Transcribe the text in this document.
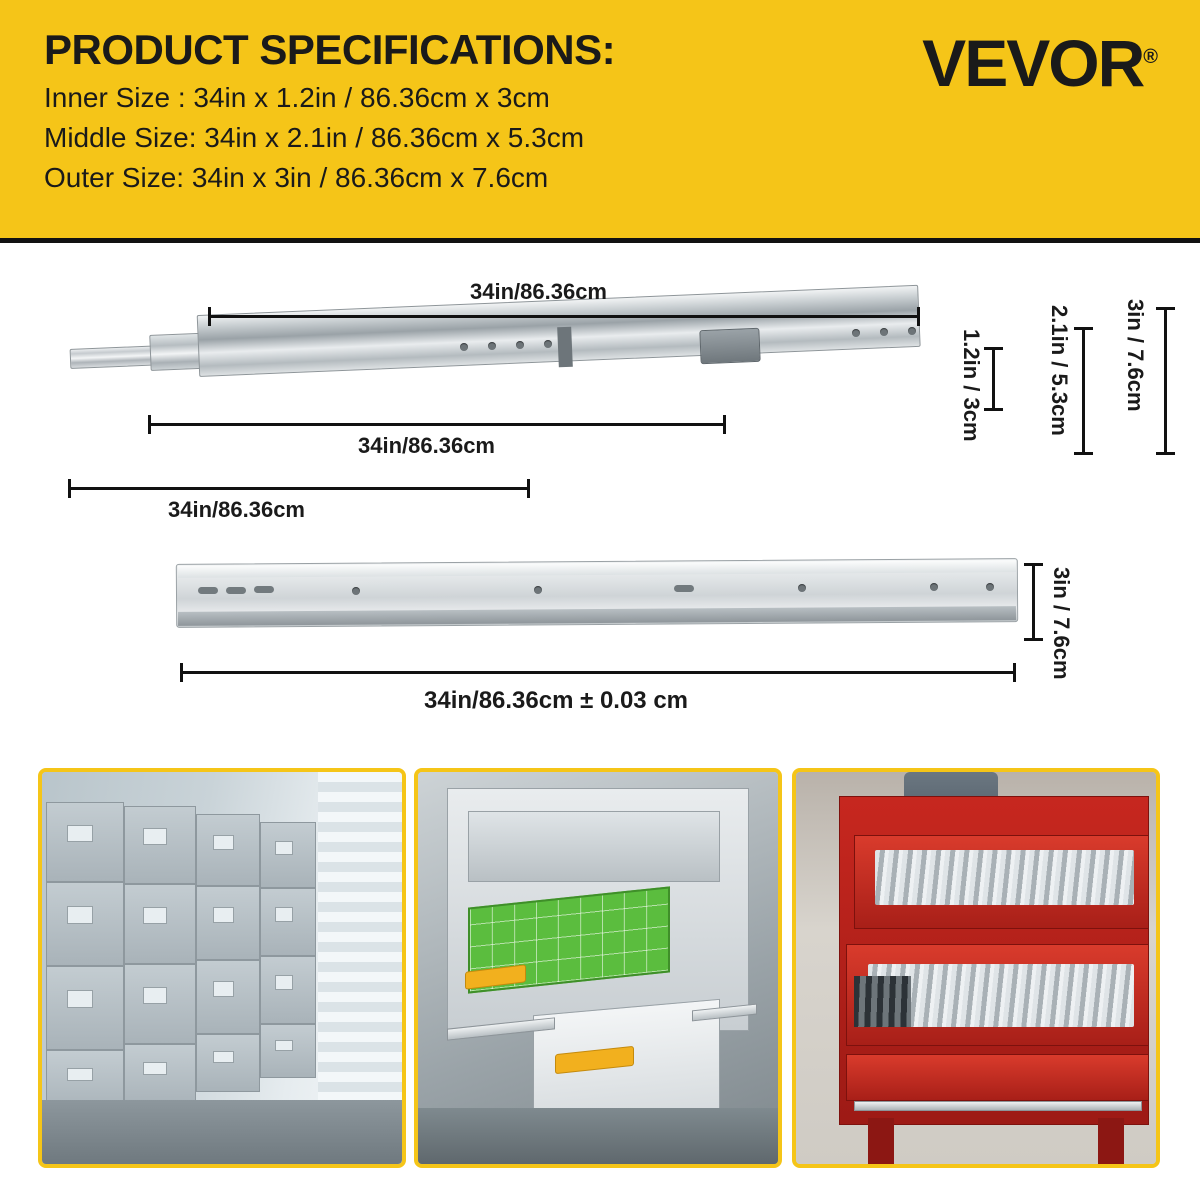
PRODUCT SPECIFICATIONS:
Inner Size : 34in x 1.2in / 86.36cm x 3cm
Middle Size: 34in x 2.1in / 86.36cm x 5.3cm
Outer Size: 34in x 3in / 86.36cm x 7.6cm
VEVOR®
34in/86.36cm
34in/86.36cm
34in/86.36cm
1.2in / 3cm	2.1in / 5.3cm 3in / 7.6cm
3in / 7.6cm
34in/86.36cm ± 0.03 cm
